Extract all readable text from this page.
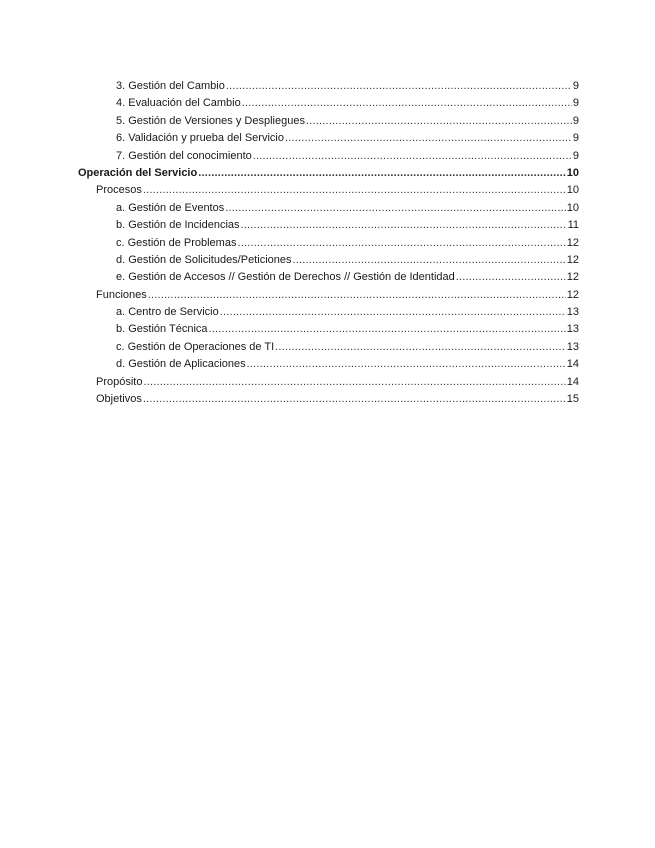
3. Gestión del Cambio .....	9
4. Evaluación del Cambio .....	9
5. Gestión de Versiones y Despliegues .....	9
6. Validación y prueba del Servicio .....	9
7. Gestión del conocimiento .....	9
Operación del Servicio .....	10
Procesos .....	10
a. Gestión de Eventos .....	10
b. Gestión de Incidencias .....	11
c. Gestión de Problemas .....	12
d. Gestión de Solicitudes/Peticiones .....	12
e. Gestión de Accesos // Gestión de Derechos // Gestión de Identidad .....	12
Funciones .....	12
a. Centro de Servicio .....	13
b. Gestión Técnica .....	13
c. Gestión de Operaciones de TI .....	13
d. Gestión de Aplicaciones .....	14
Propósito .....	14
Objetivos .....	15
